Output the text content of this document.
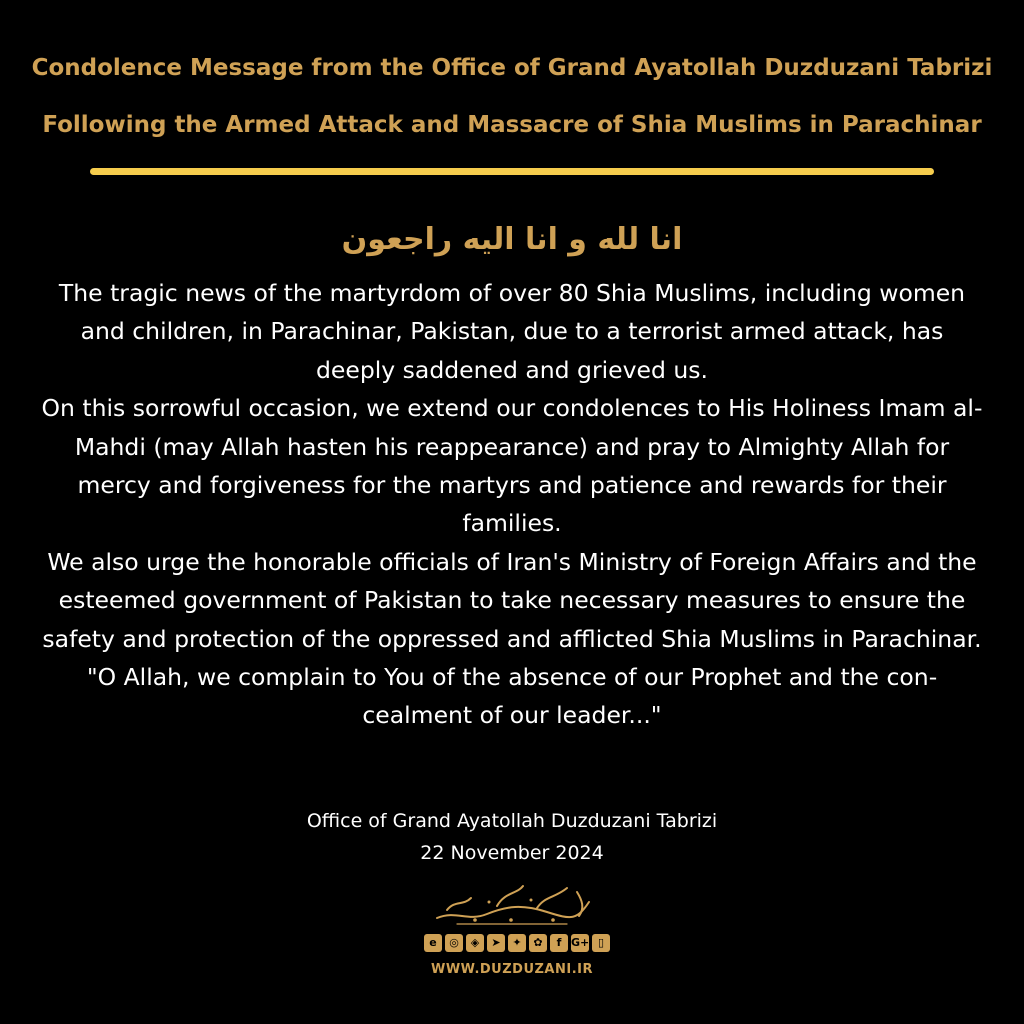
Condolence Message from the Office of Grand Ayatollah Duzduzani Tabrizi
Following the Armed Attack and Massacre of Shia Muslims in Parachinar
انا لله و انا الیه راجعون

The tragic news of the martyrdom of over 80 Shia Muslims, including women and children, in Parachinar, Pakistan, due to a terrorist armed attack, has deeply saddened and grieved us.

On this sorrowful occasion, we extend our condolences to His Holiness Imam al-Mahdi (may Allah hasten his reappearance) and pray to Almighty Allah for mercy and forgiveness for the martyrs and patience and rewards for their families.

We also urge the honorable officials of Iran's Ministry of Foreign Affairs and the esteemed government of Pakistan to take necessary measures to ensure the safety and protection of the oppressed and afflicted Shia Muslims in Parachinar.

"O Allah, we complain to You of the absence of our Prophet and the concealment of our leader..."

Office of Grand Ayatollah Duzduzani Tabrizi
22 November 2024
e	◎	◈	➤	✦	✿	f G+ ▯
WWW.DUZDUZANI.IR
